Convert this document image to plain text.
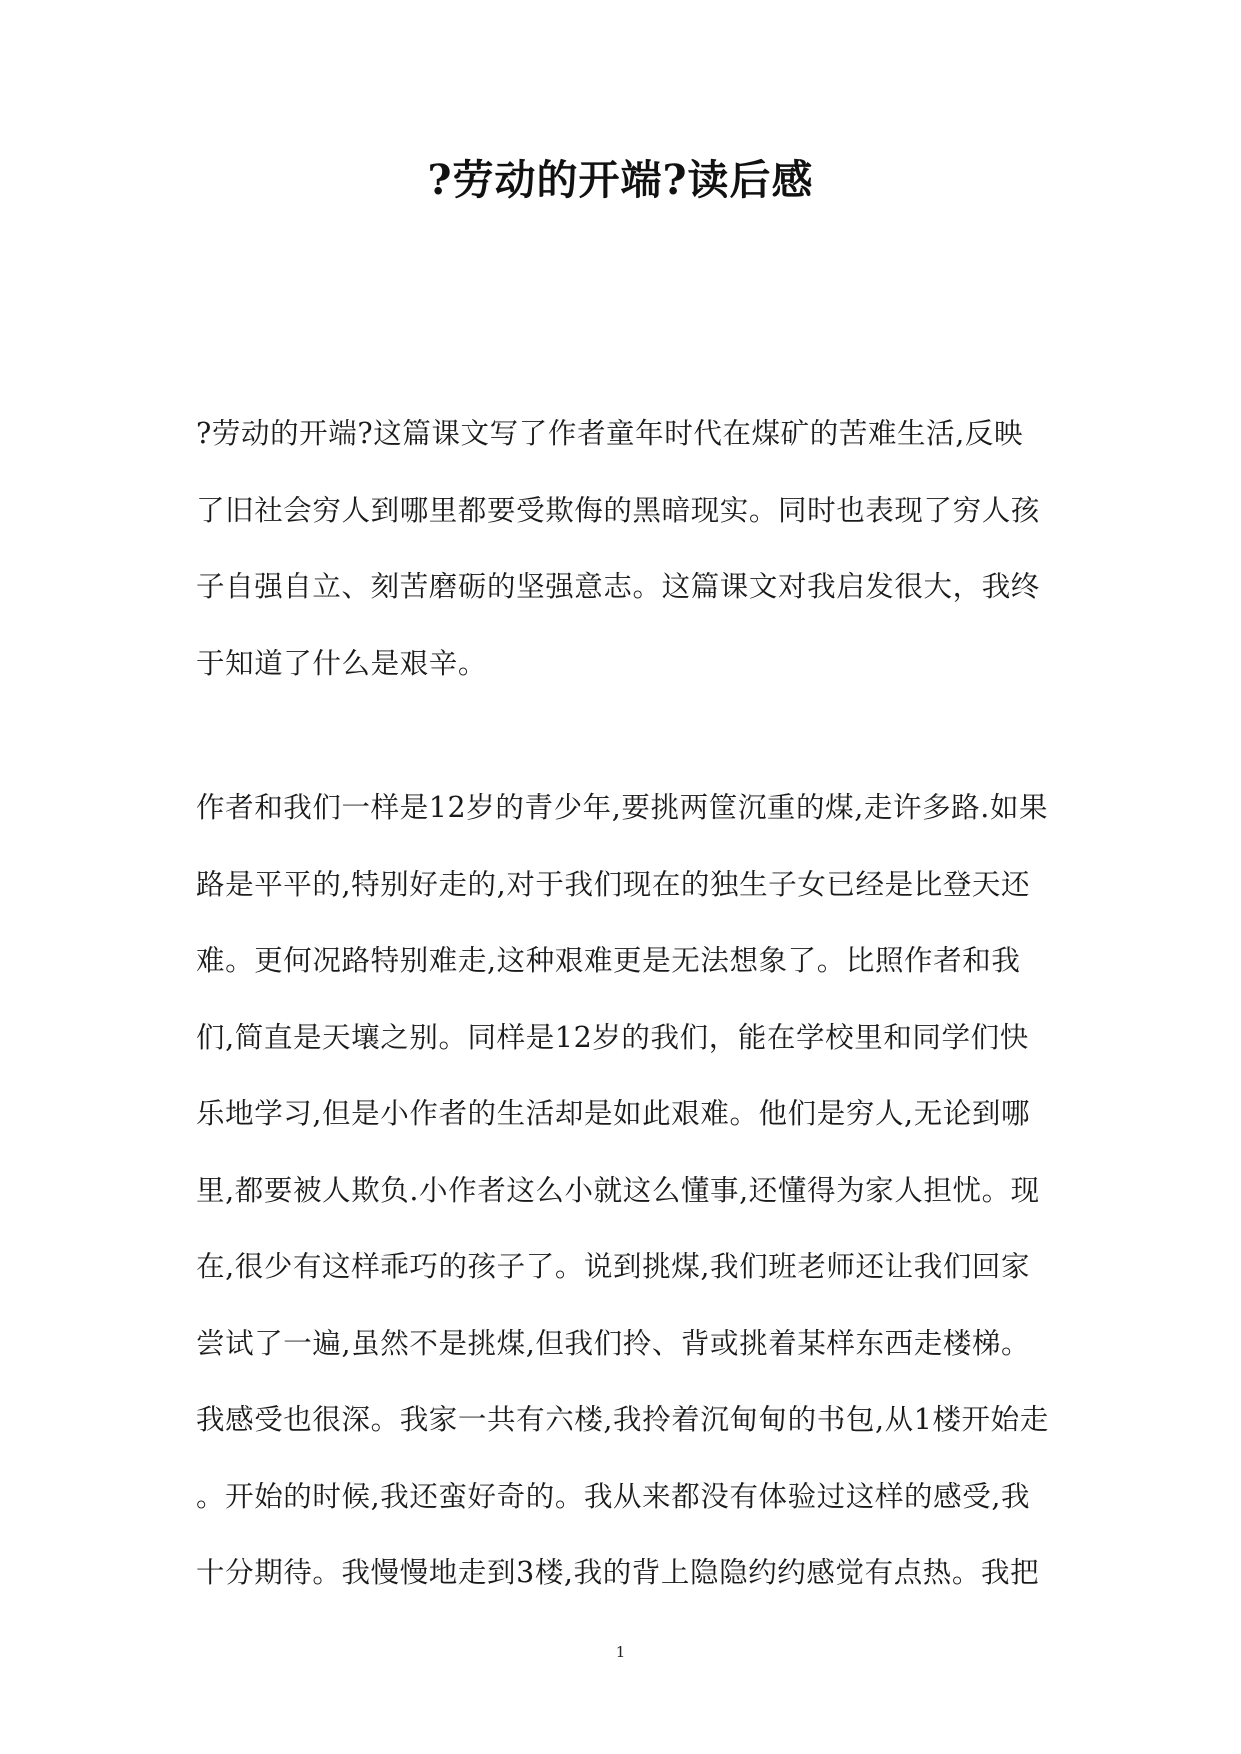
?劳动的开端?读后感
?劳动的开端?这篇课文写了作者童年时代在煤矿的苦难生活,反映
了旧社会穷人到哪里都要受欺侮的黑暗现实。同时也表现了穷人孩
子自强自立、刻苦磨砺的坚强意志。这篇课文对我启发很大，我终
于知道了什么是艰辛。
作者和我们一样是12岁的青少年,要挑两筐沉重的煤,走许多路.如果
路是平平的,特别好走的,对于我们现在的独生子女已经是比登天还
难。更何况路特别难走,这种艰难更是无法想象了。比照作者和我
们,简直是天壤之别。同样是12岁的我们，能在学校里和同学们快
乐地学习,但是小作者的生活却是如此艰难。他们是穷人,无论到哪
里,都要被人欺负.小作者这么小就这么懂事,还懂得为家人担忧。现
在,很少有这样乖巧的孩子了。说到挑煤,我们班老师还让我们回家
尝试了一遍,虽然不是挑煤,但我们拎、背或挑着某样东西走楼梯。
我感受也很深。我家一共有六楼,我拎着沉甸甸的书包,从1楼开始走
。开始的时候,我还蛮好奇的。我从来都没有体验过这样的感受,我
十分期待。我慢慢地走到3楼,我的背上隐隐约约感觉有点热。我把
1
